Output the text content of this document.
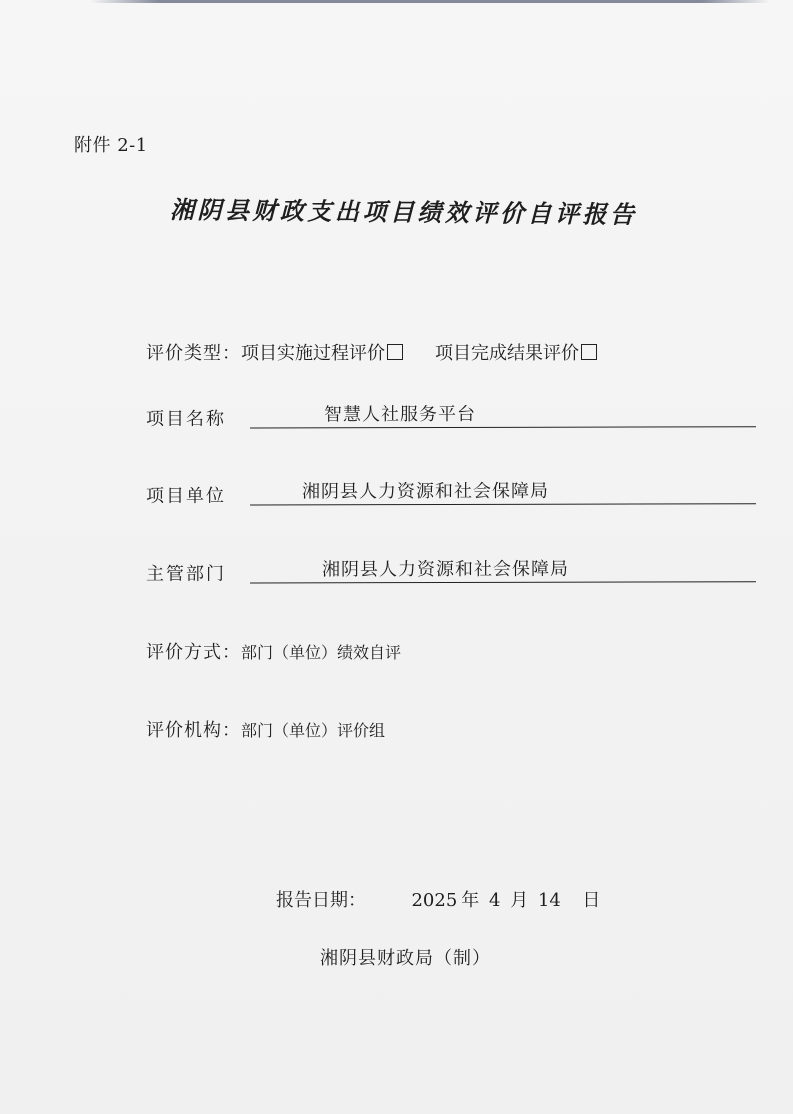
附件 2-1
湘阴县财政支出项目绩效评价自评报告
评价类型：项目实施过程评价	项目完成结果评价
项目名称	智慧人社服务平台
项目单位	湘阴县人力资源和社会保障局
主管部门	湘阴县人力资源和社会保障局
评价方式：部门（单位）绩效自评
评价机构：部门（单位）评价组
报告日期：	2025 年 4 月 14 日
湘阴县财政局（制）
